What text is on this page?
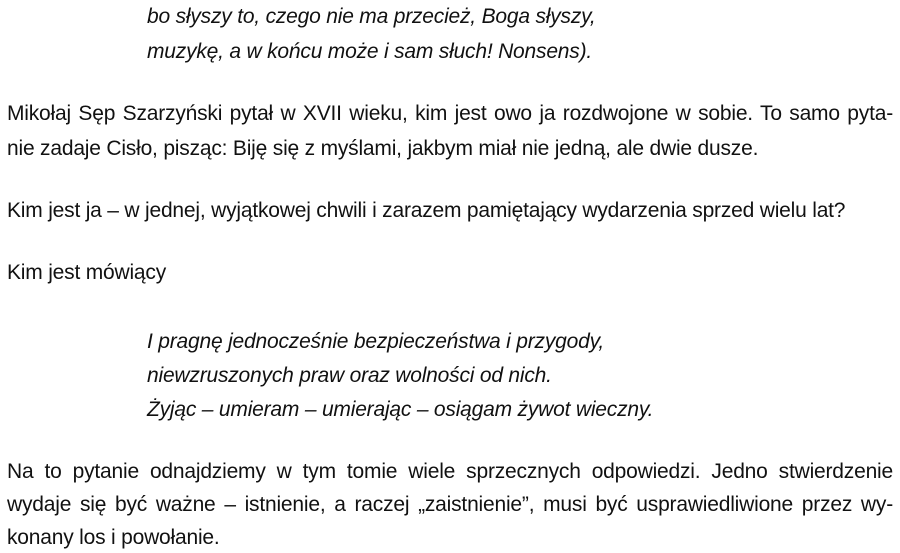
bo słyszy to, czego nie ma przecież, Boga słyszy,
muzykę, a w końcu może i sam słuch! Nonsens).
Mikołaj Sęp Szarzyński pytał w XVII wieku, kim jest owo ja rozdwojone w sobie. To samo pyta-
nie zadaje Cisło, pisząc: Biję się z myślami, jakbym miał nie jedną, ale dwie dusze.
Kim jest ja – w jednej, wyjątkowej chwili i zarazem pamiętający wydarzenia sprzed wielu lat?
Kim jest mówiący
I pragnę jednocześnie bezpieczeństwa i przygody,
niewzruszonych praw oraz wolności od nich.
Żyjąc – umieram – umierając – osiągam żywot wieczny.
Na to pytanie odnajdziemy w tym tomie wiele sprzecznych odpowiedzi. Jedno stwierdzenie
wydaje się być ważne – istnienie, a raczej „zaistnienie”, musi być usprawiedliwione przez wy-
konany los i powołanie.
